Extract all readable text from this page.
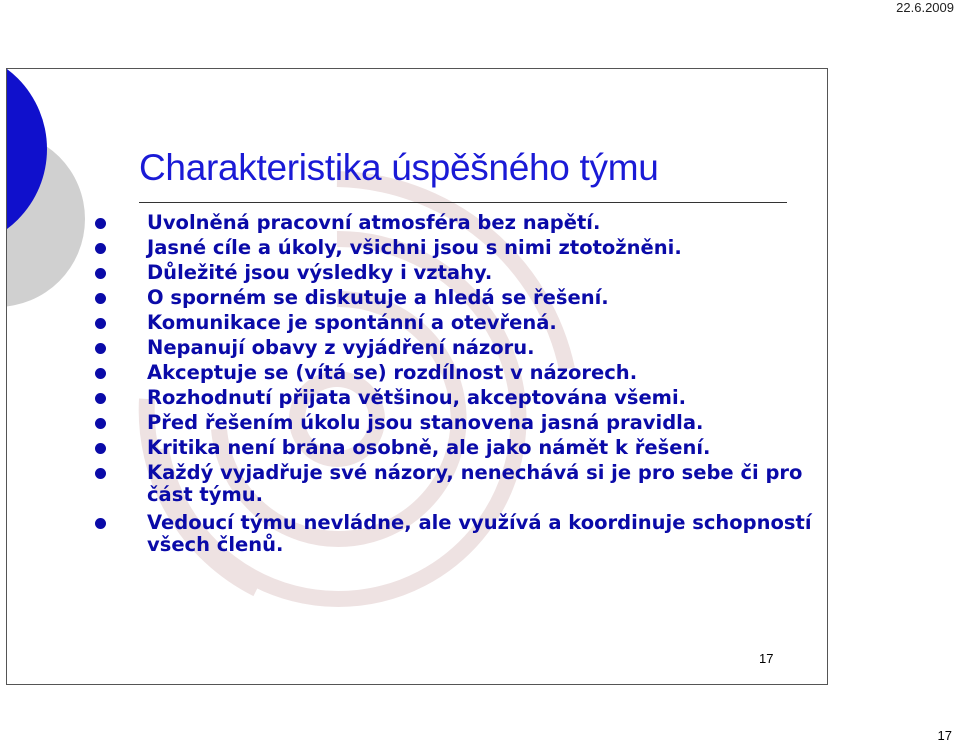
22.6.2009
Charakteristika úspěšného týmu
Uvolněná pracovní atmosféra bez napětí.
Jasné cíle a úkoly, všichni jsou s nimi ztotožněni.
Důležité jsou výsledky i vztahy.
O sporném se diskutuje a hledá se řešení.
Komunikace je spontánní a otevřená.
Nepanují obavy z vyjádření názoru.
Akceptuje se (vítá se) rozdílnost v názorech.
Rozhodnutí přijata většinou, akceptována všemi.
Před řešením úkolu jsou stanovena jasná pravidla.
Kritika není brána osobně, ale jako námět k řešení.
Každý vyjadřuje své názory, nenechává si je pro sebe či pro část týmu.
Vedoucí týmu nevládne, ale využívá a koordinuje schopností všech členů.
17
17
